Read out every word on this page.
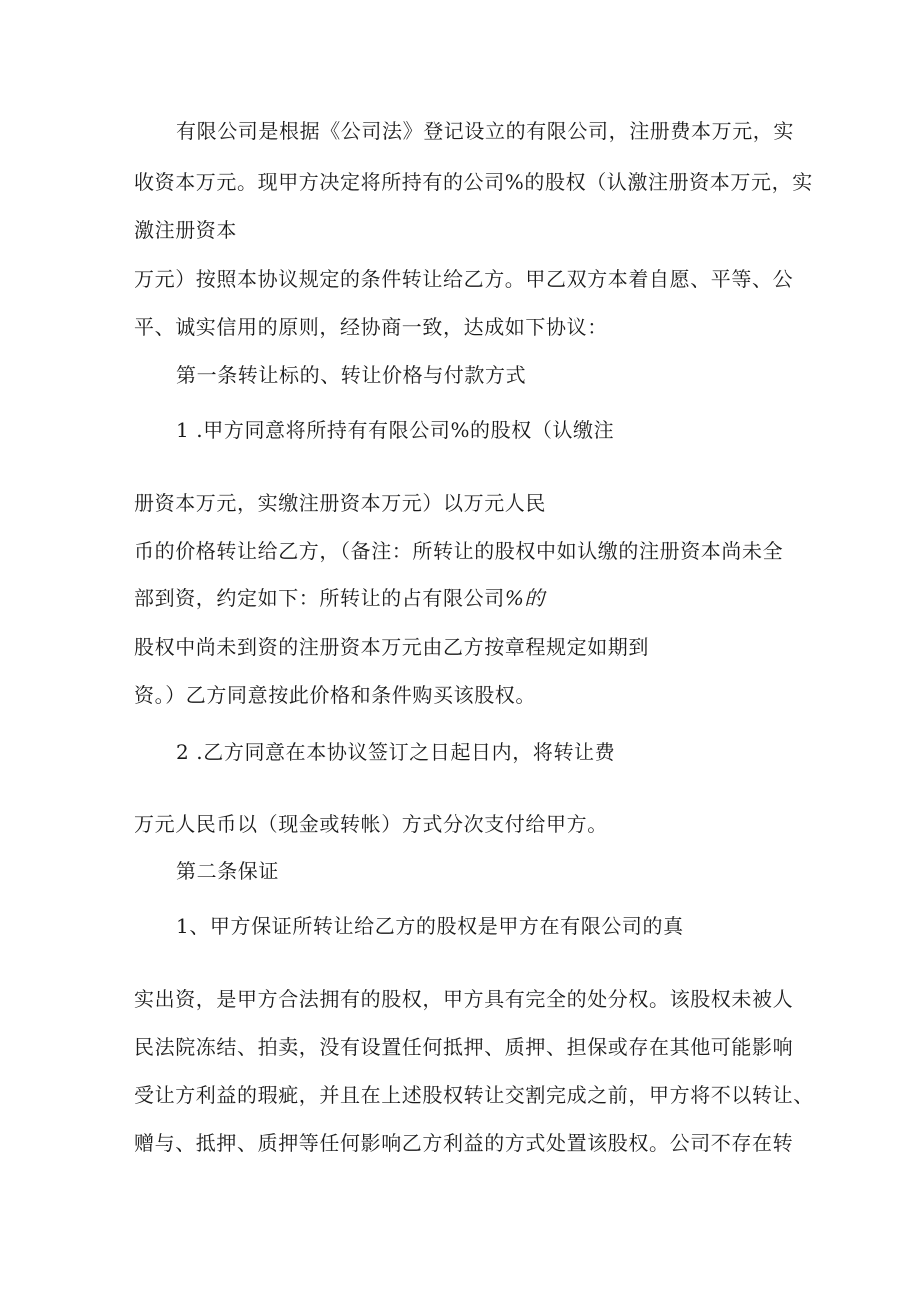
有限公司是根据《公司法》登记设立的有限公司，注册费本万元，实
收资本万元。现甲方决定将所持有的公司%的股权（认激注册资本万元，实
激注册资本
万元）按照本协议规定的条件转让给乙方。甲乙双方本着自愿、平等、公
平、诚实信用的原则，经协商一致，达成如下协议：
第一条转让标的、转让价格与付款方式
1 .甲方同意将所持有有限公司%的股权（认缴注
册资本万元，实缴注册资本万元）以万元人民
币的价格转让给乙方，（备注：所转让的股权中如认缴的注册资本尚未全
部到资，约定如下：所转让的占有限公司%的
股权中尚未到资的注册资本万元由乙方按章程规定如期到
资。）乙方同意按此价格和条件购买该股权。
2 .乙方同意在本协议签订之日起日内，将转让费
万元人民币以（现金或转帐）方式分次支付给甲方。
第二条保证
1、甲方保证所转让给乙方的股权是甲方在有限公司的真
实出资，是甲方合法拥有的股权，甲方具有完全的处分权。该股权未被人
民法院冻结、拍卖，没有设置任何抵押、质押、担保或存在其他可能影响
受让方利益的瑕疵，并且在上述股权转让交割完成之前，甲方将不以转让、
赠与、抵押、质押等任何影响乙方利益的方式处置该股权。公司不存在转
